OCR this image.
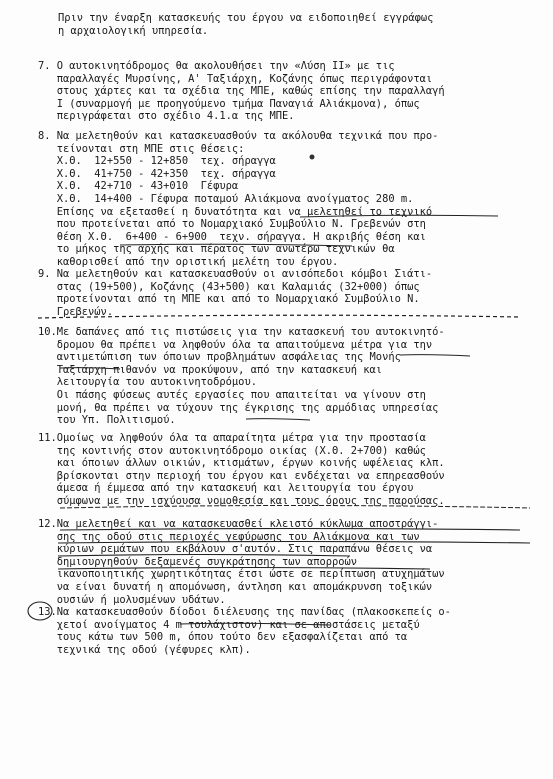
Πριν την έναρξη κατασκευής του έργου να ειδοποιηθεί εγγράφως
η αρχαιολογική υπηρεσία.
7. Ο αυτοκινητόδρομος θα ακολουθήσει την «Λύση ΙΙ» με τις
παραλλαγές Μυρσίνης, Α' Ταξιάρχη, Κοζάνης όπως περιγράφονται
στους χάρτες και τα σχέδια της ΜΠΕ, καθώς επίσης την παραλλαγή
Ι (συναρμογή με προηγούμενο τμήμα Παναγιά Αλιάκμονα), όπως
περιγράφεται στο σχέδιο 4.1.α της ΜΠΕ.
8. Να μελετηθούν και κατασκευασθούν τα ακόλουθα τεχνικά που προ-
τείνονται στη ΜΠΕ στις θέσεις:
Χ.Θ.  12+550 - 12+850  τεχ. σήραγγα
Χ.Θ.  41+750 - 42+350  τεχ. σήραγγα
Χ.Θ.  42+710 - 43+010  Γέφυρα
Χ.Θ.  14+400 - Γέφυρα ποταμού Αλιάκμονα ανοίγματος 280 m.
Επίσης να εξετασθεί η δυνατότητα και να μελετηθεί το τεχνικό
που προτείνεται από το Νομαρχιακό Συμβούλιο Ν. Γρεβενών στη
θέση Χ.Θ.  6+400 - 6+900  τεχν. σήραγγα. Η ακριβής θέση και
το μήκος της αρχής και πέρατος των ανωτέρω τεχνικών θα
καθορισθεί από την οριστική μελέτη του έργου.
9. Να μελετηθούν και κατασκευασθούν οι ανισόπεδοι κόμβοι Σιάτι-
στας (19+500), Κοζάνης (43+500) και Καλαμιάς (32+000) όπως
προτείνονται από τη ΜΠΕ και από το Νομαρχιακό Συμβούλιο Ν.
Γρεβενών.
10.Με δαπάνες από τις πιστώσεις για την κατασκευή του αυτοκινητό-
δρομου θα πρέπει να ληφθούν όλα τα απαιτούμενα μέτρα για την
αντιμετώπιση των όποιων προβλημάτων ασφάλειας της Μονής
Ταξιάρχη πιθανόν να προκύψουν, από την κατασκευή και
λειτουργία του αυτοκινητοδρόμου.
Οι πάσης φύσεως αυτές εργασίες που απαιτείται να γίνουν στη
μονή, θα πρέπει να τύχουν της έγκρισης της αρμόδιας υπηρεσίας
του Υπ. Πολιτισμού.
11.Ομοίως να ληφθούν όλα τα απαραίτητα μέτρα για την προστασία
της κοντινής στον αυτοκινητόδρομο οικίας (Χ.Θ. 2+700) καθώς
και όποιων άλλων οικιών, κτισμάτων, έργων κοινής ωφέλειας κλπ.
βρίσκονται στην περιοχή του έργου και ενδέχεται να επηρεασθούν
άμεσα ή έμμεσα από την κατασκευή και λειτουργία του έργου
σύμφωνα με την ισχύουσα νομοθεσία και τους όρους της παρούσας.
12.Να μελετηθεί και να κατασκευασθεί κλειστό κύκλωμα αποστράγγι-
σης της οδού στις περιοχές γεφύρωσης του Αλιάκμονα και των
κύριων ρεμάτων που εκβάλουν σ'αυτόν. Στις παραπάνω θέσεις να
δημιουργηθούν δεξαμενές συγκράτησης των απορροών
ικανοποιητικής χωρητικότητας έτσι ώστε σε περίπτωση ατυχημάτων
να είναι δυνατή η απομόνωση, άντληση και απομάκρυνση τοξικών
ουσιών ή μολυσμένων υδάτων.
13.Να κατασκευασθούν δίοδοι διέλευσης της πανίδας (πλακοσκεπείς ο-
χετοί ανοίγματος 4 m τουλάχιστον) και σε αποστάσεις μεταξύ
τους κάτω των 500 m, όπου τούτο δεν εξασφαλίζεται από τα
τεχνικά της οδού (γέφυρες κλπ).
